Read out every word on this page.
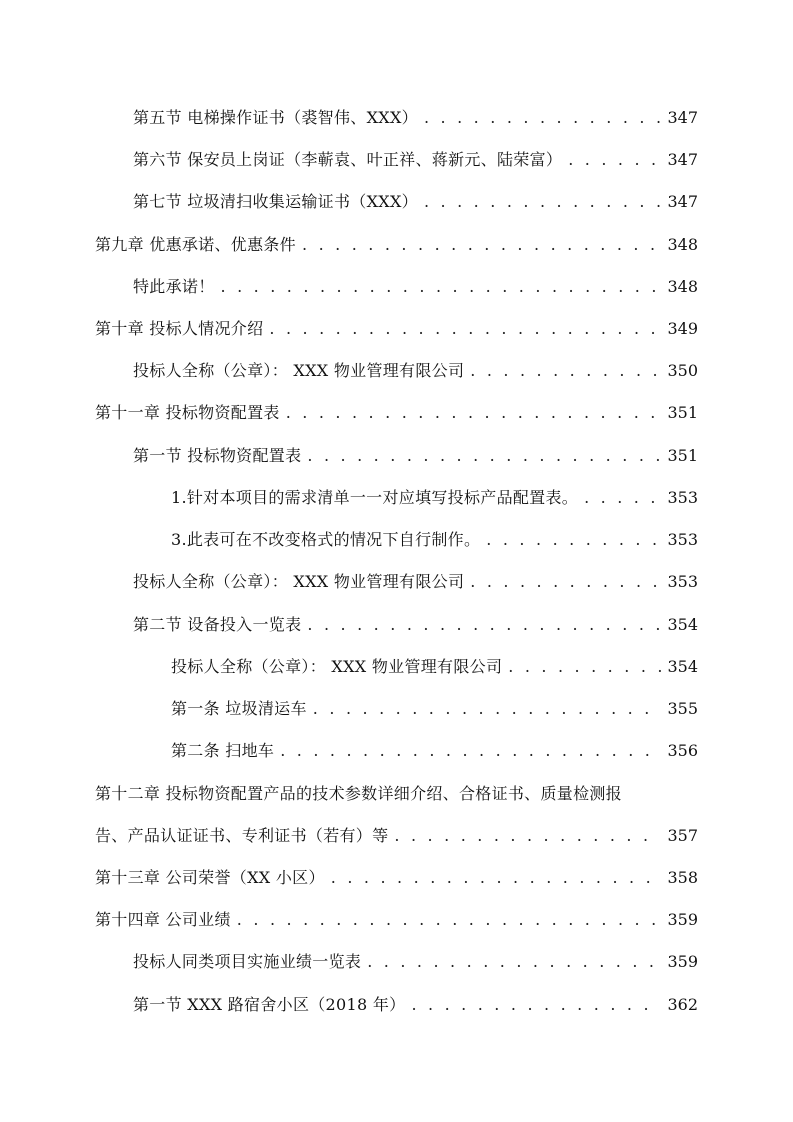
第五节 电梯操作证书（裘智伟、XXX） . . .	347
第六节 保安员上岗证（李蕲袁、叶正祥、蒋新元、陆荣富） . . .	347
第七节 垃圾清扫收集运输证书（XXX） . . .	347
第九章 优惠承诺、优惠条件 . . .	348
特此承诺！ . . .	348
第十章 投标人情况介绍 . . .	349
投标人全称（公章）： XXX 物业管理有限公司 . . .	350
第十一章 投标物资配置表 . . .	351
第一节 投标物资配置表 . . .	351
1.针对本项目的需求清单一一对应填写投标产品配置表。 . . .	353
3.此表可在不改变格式的情况下自行制作。 . . .	353
投标人全称（公章）： XXX 物业管理有限公司 . . .	353
第二节 设备投入一览表 . . .	354
投标人全称（公章）： XXX 物业管理有限公司 . . .	354
第一条 垃圾清运车 . . .	355
第二条 扫地车 . . .	356
第十二章 投标物资配置产品的技术参数详细介绍、合格证书、质量检测报
告、产品认证证书、专利证书（若有）等 . . .	357
第十三章 公司荣誉（XX 小区） . . .	358
第十四章 公司业绩 . . .	359
投标人同类项目实施业绩一览表 . . .	359
第一节 XXX 路宿舍小区（2018 年） . . .	362
